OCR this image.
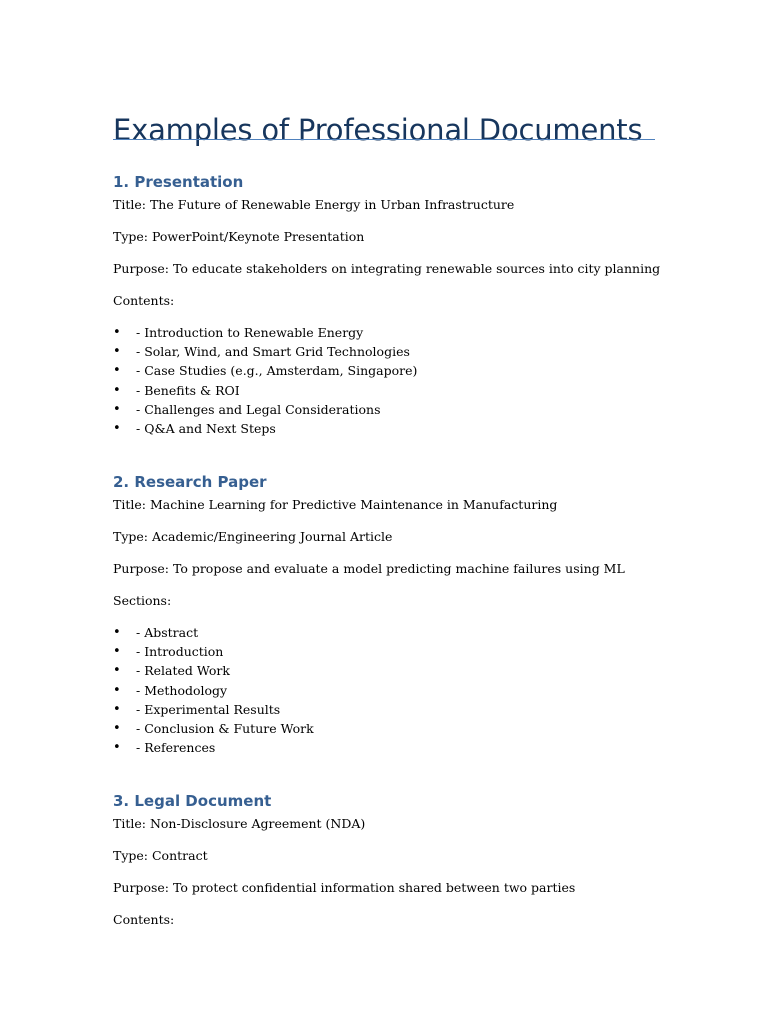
Examples of Professional Documents
1. Presentation

Title: The Future of Renewable Energy in Urban Infrastructure

Type: PowerPoint/Keynote Presentation

Purpose: To educate stakeholders on integrating renewable sources into city planning

Contents:

• - Introduction to Renewable Energy
• - Solar, Wind, and Smart Grid Technologies
• - Case Studies (e.g., Amsterdam, Singapore)
• - Benefits & ROI
• - Challenges and Legal Considerations
• - Q&A and Next Steps
2. Research Paper

Title: Machine Learning for Predictive Maintenance in Manufacturing

Type: Academic/Engineering Journal Article

Purpose: To propose and evaluate a model predicting machine failures using ML

Sections:

• - Abstract
• - Introduction
• - Related Work
• - Methodology
• - Experimental Results
• - Conclusion & Future Work
• - References
3. Legal Document

Title: Non-Disclosure Agreement (NDA)

Type: Contract

Purpose: To protect confidential information shared between two parties

Contents:
